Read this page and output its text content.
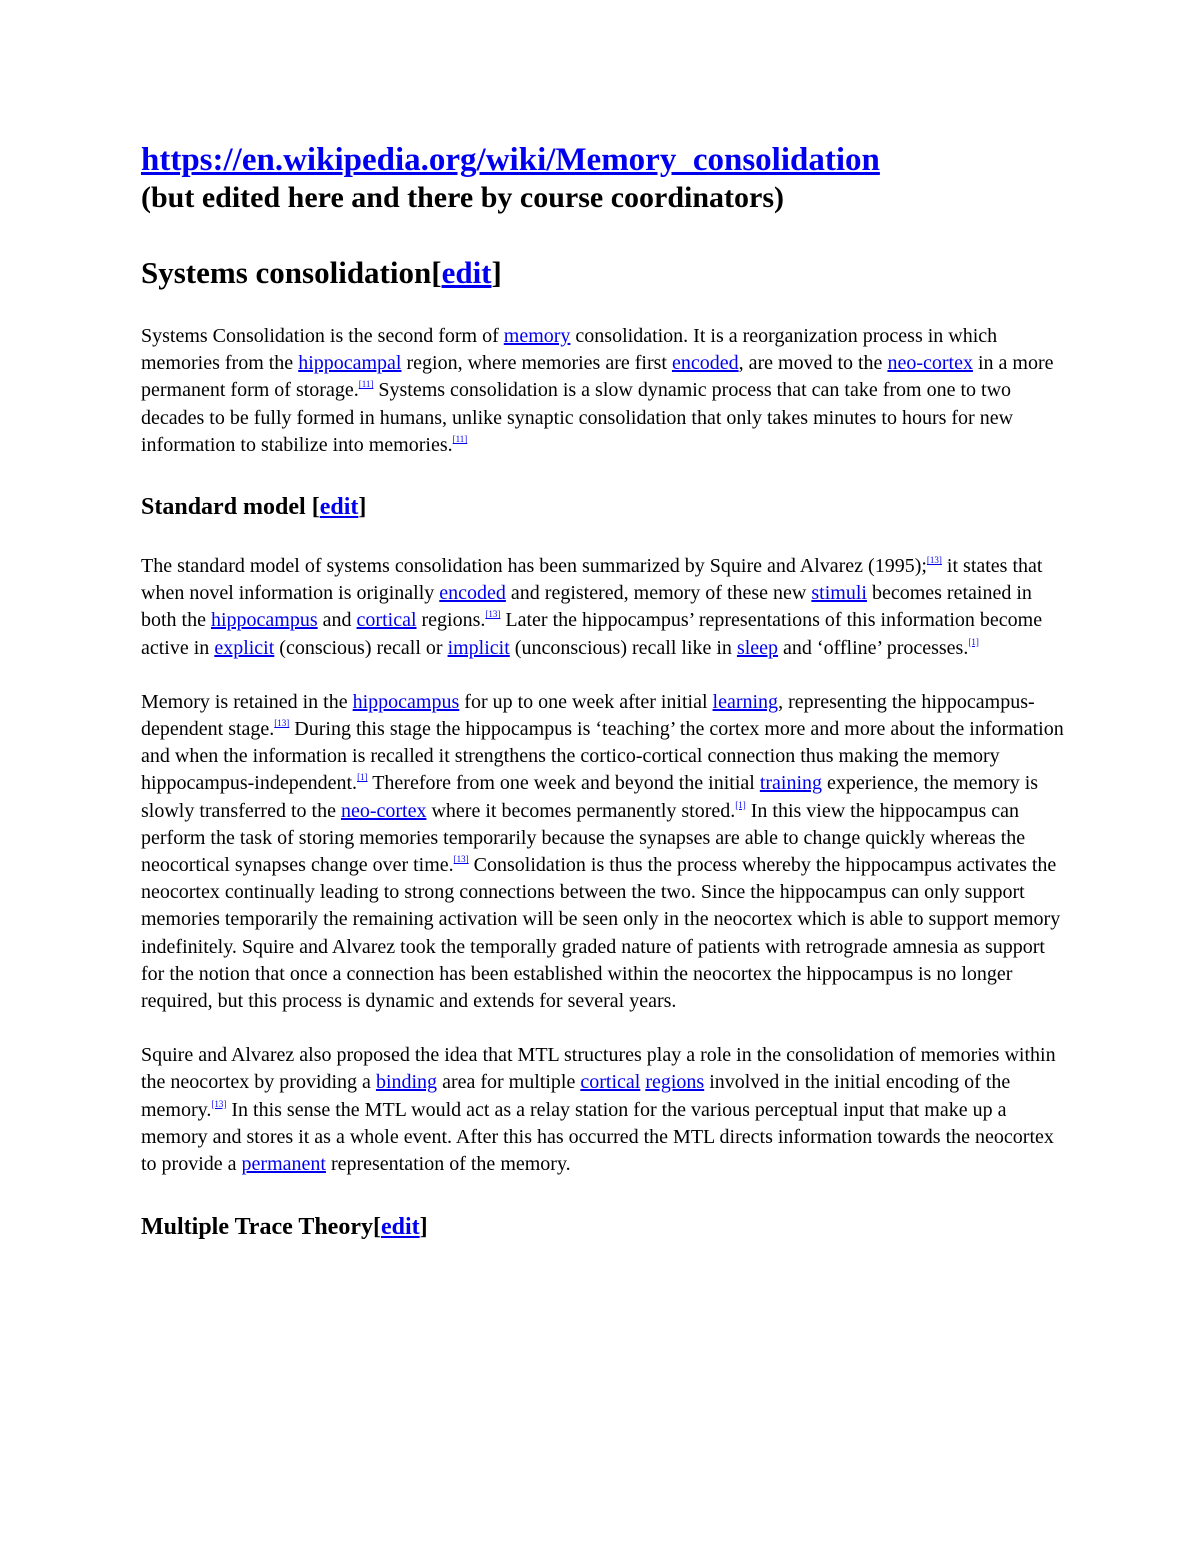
https://en.wikipedia.org/wiki/Memory_consolidation
(but edited here and there by course coordinators)
Systems consolidation[edit]

Systems Consolidation is the second form of memory consolidation. It is a reorganization process in which memories from the hippocampal region, where memories are first encoded, are moved to the neo-cortex in a more permanent form of storage.[11] Systems consolidation is a slow dynamic process that can take from one to two decades to be fully formed in humans, unlike synaptic consolidation that only takes minutes to hours for new information to stabilize into memories.[11]

Standard model [edit]

The standard model of systems consolidation has been summarized by Squire and Alvarez (1995);[13] it states that when novel information is originally encoded and registered, memory of these new stimuli becomes retained in both the hippocampus and cortical regions.[13] Later the hippocampus’ representations of this information become active in explicit (conscious) recall or implicit (unconscious) recall like in sleep and ‘offline’ processes.[1]

Memory is retained in the hippocampus for up to one week after initial learning, representing the hippocampus-dependent stage.[13] During this stage the hippocampus is ‘teaching’ the cortex more and more about the information and when the information is recalled it strengthens the cortico-cortical connection thus making the memory hippocampus-independent.[1] Therefore from one week and beyond the initial training experience, the memory is slowly transferred to the neo-cortex where it becomes permanently stored.[1] In this view the hippocampus can perform the task of storing memories temporarily because the synapses are able to change quickly whereas the neocortical synapses change over time.[13] Consolidation is thus the process whereby the hippocampus activates the neocortex continually leading to strong connections between the two. Since the hippocampus can only support memories temporarily the remaining activation will be seen only in the neocortex which is able to support memory indefinitely. Squire and Alvarez took the temporally graded nature of patients with retrograde amnesia as support for the notion that once a connection has been established within the neocortex the hippocampus is no longer required, but this process is dynamic and extends for several years.

Squire and Alvarez also proposed the idea that MTL structures play a role in the consolidation of memories within the neocortex by providing a binding area for multiple cortical regions involved in the initial encoding of the memory.[13] In this sense the MTL would act as a relay station for the various perceptual input that make up a memory and stores it as a whole event. After this has occurred the MTL directs information towards the neocortex to provide a permanent representation of the memory.

Multiple Trace Theory[edit]
